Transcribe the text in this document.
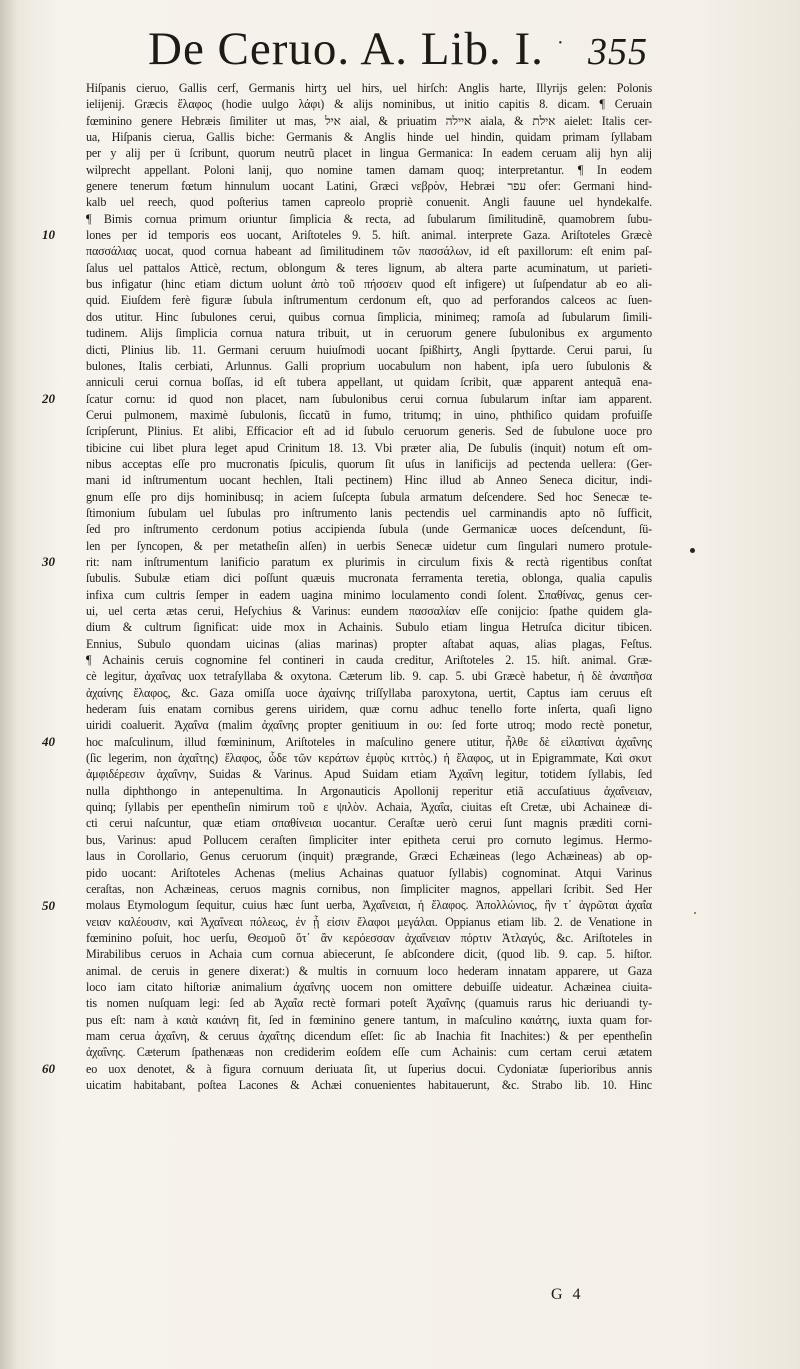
De Ceruo. A. Lib. I. · 355
Hiſpanis cieruo, Gallis cerf, Germanis hirtʒ uel hirs, uel hirſch: Anglis harte, Illyrijs gelen: Polonis
ielijenij. Græcis ἔλαφος (hodie uulgo λάφι) & alijs nominibus, ut initio capitis 8. dicam. ¶ Ceruain
fœminino genere Hebræis ſimiliter ut mas, איל aial, & priuatim איילה aiala, & אילת aielet: Italis cer-
ua, Hiſpanis cierua, Gallis biche: Germanis & Anglis hinde uel hindin, quidam primam ſyllabam
per y alij per ü ſcribunt, quorum neutrũ placet in lingua Germanica: In eadem ceruam alij hyn alij
wilprecht appellant. Poloni lanij, quo nomine tamen damam quoq; interpretantur. ¶ In eodem
genere tenerum fœtum hinnulum uocant Latini, Græci νεβρὸν, Hebræi עפר ofer: Germani hind-
kalb uel reech, quod poſterius tamen capreolo propriè conuenit. Angli fauune uel hyndekalfe.
¶ Bimis cornua primum oriuntur ſimplicia & recta, ad ſubularum ſimilitudinẽ, quamobrem ſubu-
lones per id temporis eos uocant, Ariſtoteles 9. 5. hiſt. animal. interprete Gaza. Ariſtoteles Græcè
πασσάλιας uocat, quod cornua habeant ad ſimilitudinem τῶν πασσάλων, id eſt paxillorum: eſt enim paſ-
ſalus uel pattalos Atticè, rectum, oblongum & teres lignum, ab altera parte acuminatum, ut parieti-
bus infigatur (hinc etiam dictum uolunt ἀπὸ τοῦ πήσσειν quod eſt infigere) ut ſuſpendatur ab eo ali-
quid. Eiuſdem ferè figuræ ſubula inſtrumentum cerdonum eſt, quo ad perforandos calceos ac ſuen-
dos utitur. Hinc ſubulones cerui, quibus cornua ſimplicia, minimeq; ramoſa ad ſubularum ſimili-
tudinem. Alijs ſimplicia cornua natura tribuit, ut in ceruorum genere ſubulonibus ex argumento
dicti, Plinius lib. 11. Germani ceruum huiuſmodi uocant ſpißhirtʒ, Angli ſpyttarde. Cerui parui, ſu
bulones, Italis cerbiati, Arlunnus. Galli proprium uocabulum non habent, ipſa uero ſubulonis &
anniculi cerui cornua boſſas, id eſt tubera appellant, ut quidam ſcribit, quæ apparent antequã ena-
ſcatur cornu: id quod non placet, nam ſubulonibus cerui cornua ſubularum inſtar iam apparent.
Cerui pulmonem, maximè ſubulonis, ſiccatũ in fumo, tritumq; in uino, phthiſico quidam profuiſſe
ſcripſerunt, Plinius. Et alibi, Efficacior eſt ad id ſubulo ceruorum generis. Sed de ſubulone uoce pro
tibicine cui libet plura leget apud Crinitum 18. 13. Vbi præter alia, De ſubulis (inquit) notum eſt om-
nibus acceptas eſſe pro mucronatis ſpiculis, quorum ſit uſus in lanificijs ad pectenda uellera: (Ger-
mani id inſtrumentum uocant hechlen, Itali pectinem) Hinc illud ab Anneo Seneca dicitur, indi-
gnum eſſe pro dijs hominibusq; in aciem ſuſcepta ſubula armatum deſcendere. Sed hoc Senecæ te-
ſtimonium ſubulam uel ſubulas pro inſtrumento lanis pectendis uel carminandis apto nõ ſufficit,
ſed pro inſtrumento cerdonum potius accipienda ſubula (unde Germanicæ uoces deſcendunt, ſü-
len per ſyncopen, & per metatheſin alſen) in uerbis Senecæ uidetur cum ſingulari numero protule-
rit: nam inſtrumentum lanificio paratum ex plurimis in circulum fixis & rectà rigentibus conſtat
ſubulis. Subulæ etiam dici poſſunt quæuis mucronata ferramenta teretia, oblonga, qualia capulis
infixa cum cultris ſemper in eadem uagina minimo loculamento condi ſolent. Σπαθίνας, genus cer-
ui, uel certa ætas cerui, Heſychius & Varinus: eundem πασσαλίαν eſſe conijcio: ſpathe quidem gla-
dium & cultrum ſignificat: uide mox in Achainis. Subulo etiam lingua Hetruſca dicitur tibicen.
Ennius, Subulo quondam uicinas (alias marinas) propter aſtabat aquas, alias plagas, Feſtus.
¶ Achainis ceruis cognomine fel contineri in cauda creditur, Ariſtoteles 2. 15. hiſt. animal. Græ-
cè legitur, ἀχαΐνας uox tetraſyllaba & oxytona. Cæterum lib. 9. cap. 5. ubi Græcè habetur, ἡ δὲ ἀναπῆσα
ἀχαίνης ἔλαφος, &c. Gaza omiſſa uoce ἀχαίνης triſſyllaba paroxytona, uertit, Captus iam ceruus eſt
hederam ſuis enatam cornibus gerens uiridem, quæ cornu adhuc tenello forte inſerta, quaſi ligno
uiridi coaluerit. Ἀχαΐνα (malim ἀχαΐνης propter genitiuum in ου: ſed forte utroq; modo rectè ponetur,
hoc maſculinum, illud fœmininum, Ariſtoteles in maſculino genere utitur, ἦλθε δὲ εἰλαπίναι ἀχαΐνης
(ſic legerim, non ἀχαΐτης) ἔλαφος, ὧδε τῶν κεράτων ἐμφὺς κιττὸς.) ἡ ἔλαφος, ut in Epigrammate, Καὶ σκυτ
ἀμφιδέρεσιν ἀχαΐνην, Suidas & Varinus. Apud Suidam etiam Ἀχαΐνη legitur, totidem ſyllabis, ſed
nulla diphthongo in antepenultima. In Argonauticis Apollonij reperitur etiã accuſatiuus ἀχαΐνειαν,
quinq; ſyllabis per epentheſin nimirum τοῦ ε ψιλὸν. Achaia, Ἀχαΐα, ciuitas eſt Cretæ, ubi Achaineæ di-
cti cerui naſcuntur, quæ etiam σπαθίνειαι uocantur. Ceraſtæ uerò cerui ſunt magnis præditi corni-
bus, Varinus: apud Pollucem ceraſten ſimpliciter inter epitheta cerui pro cornuto legimus. Hermo-
laus in Corollario, Genus ceruorum (inquit) prægrande, Græci Echæineas (lego Achæineas) ab op-
pido uocant: Ariſtoteles Achenas (melius Achainas quatuor ſyllabis) cognominat. Atqui Varinus
ceraſtas, non Achæineas, ceruos magnis cornibus, non ſimpliciter magnos, appellari ſcribit. Sed Her
molaus Etymologum ſequitur, cuius hæc ſunt uerba, Ἀχαΐνειαι, ἡ ἔλαφος. Ἀπολλώνιος, ἣν τ᾽ ἀγρῶται ἀχαΐα
νειαν καλέουσιν, καὶ Ἀχαΐνεαι πόλεως, ἐν ᾗ εἰσιν ἔλαφοι μεγάλαι. Oppianus etiam lib. 2. de Venatione in
fœminino poſuit, hoc uerſu, Θεσμοῦ ὅτ᾽ ἂν κερόεσσαν ἀχαΐνειαν πόρτιν Ἀτλαγύς, &c. Ariſtoteles in
Mirabilibus ceruos in Achaia cum cornua abiecerunt, ſe abſcondere dicit, (quod lib. 9. cap. 5. hiſtor.
animal. de ceruis in genere dixerat:) & multis in cornuum loco hederam innatam apparere, ut Gaza
loco iam citato hiſtoriæ animalium ἀχαΐνης uocem non omittere debuiſſe uideatur. Achæinea ciuita-
tis nomen nuſquam legi: ſed ab Ἀχαΐα rectè formari poteſt Ἀχαΐνης (quamuis rarus hic deriuandi ty-
pus eſt: nam à καιὰ καιάνη fit, ſed in fœminino genere tantum, in maſculino καιάτης, iuxta quam for-
mam cerua ἀχαΐνη, & ceruus ἀχαΐτης dicendum eſſet: ſic ab Inachia fit Inachites:) & per epentheſin
ἀχαΐνης. Cæterum ſpathenæas non crediderim eoſdem eſſe cum Achainis: cum certam cerui ætatem
eo uox denotet, & à figura cornuum deriuata ſit, ut ſuperius docui. Cydoniatæ ſuperioribus annis
uicatim habitabant, poſtea Lacones & Achæi conuenientes habitauerunt, &c. Strabo lib. 10. Hinc
10
20
30
40
50
60
G 4
